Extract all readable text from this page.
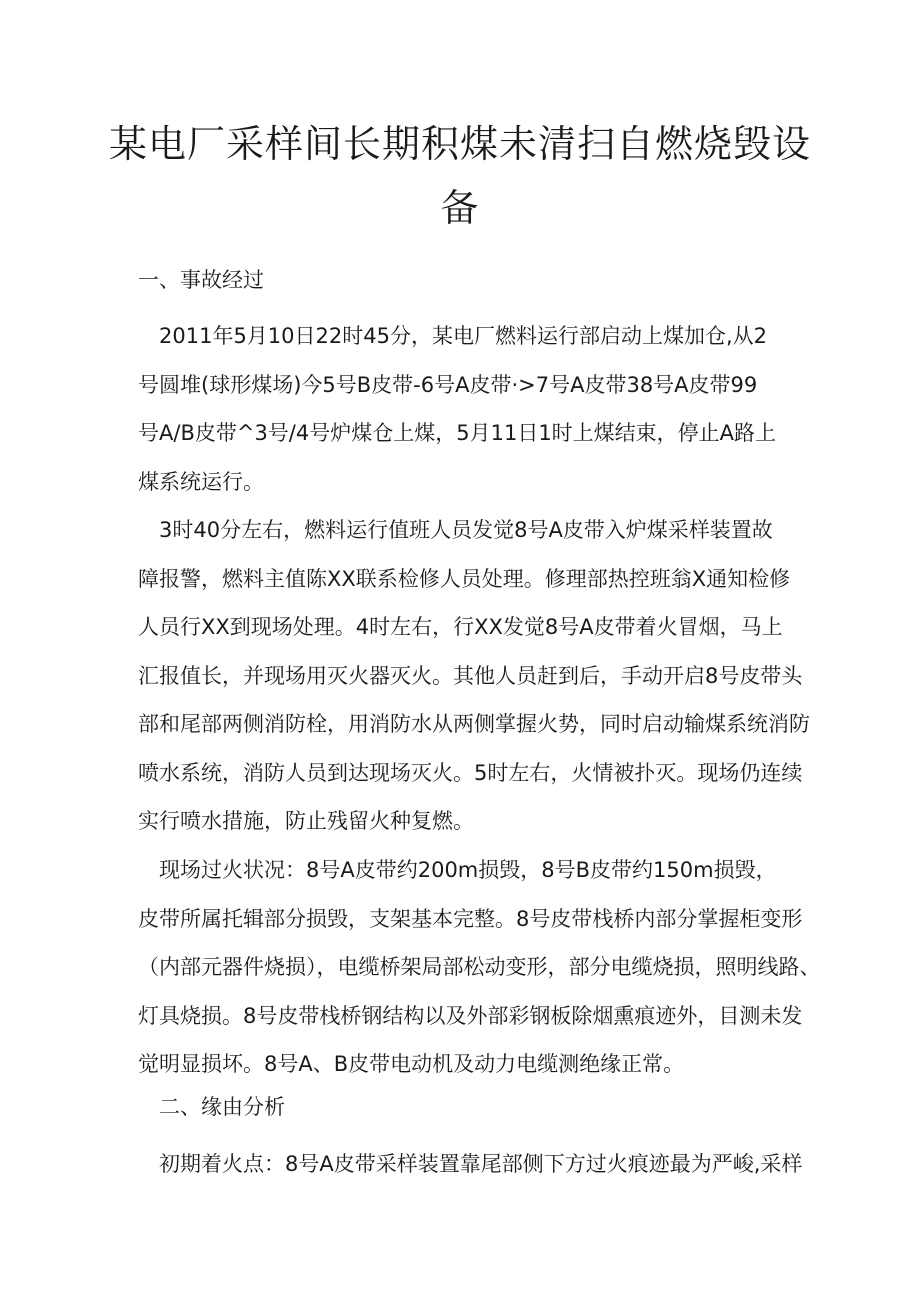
某电厂采样间长期积煤未清扫自燃烧毁设
备
一、事故经过
2011年5月10日22时45分，某电厂燃料运行部启动上煤加仓,从2
号圆堆(球形煤场)今5号B皮带-6号A皮带·>7号A皮带38号A皮带99
号A/B皮带^3号/4号炉煤仓上煤，5月11日1时上煤结束，停止A路上
煤系统运行。
3时40分左右，燃料运行值班人员发觉8号A皮带入炉煤采样装置故
障报警，燃料主值陈XX联系检修人员处理。修理部热控班翁X通知检修
人员行XX到现场处理。4时左右，行XX发觉8号A皮带着火冒烟，马上
汇报值长，并现场用灭火器灭火。其他人员赶到后，手动开启8号皮带头
部和尾部两侧消防栓，用消防水从两侧掌握火势，同时启动输煤系统消防
喷水系统，消防人员到达现场灭火。5时左右，火情被扑灭。现场仍连续
实行喷水措施，防止残留火种复燃。
现场过火状况：8号A皮带约200m损毁，8号B皮带约150m损毁，
皮带所属托辑部分损毁，支架基本完整。8号皮带栈桥内部分掌握柜变形
（内部元器件烧损），电缆桥架局部松动变形，部分电缆烧损，照明线路、
灯具烧损。8号皮带栈桥钢结构以及外部彩钢板除烟熏痕迹外，目测未发
觉明显损坏。8号A、B皮带电动机及动力电缆测绝缘正常。
二、缘由分析
初期着火点：8号A皮带采样装置靠尾部侧下方过火痕迹最为严峻,采样
